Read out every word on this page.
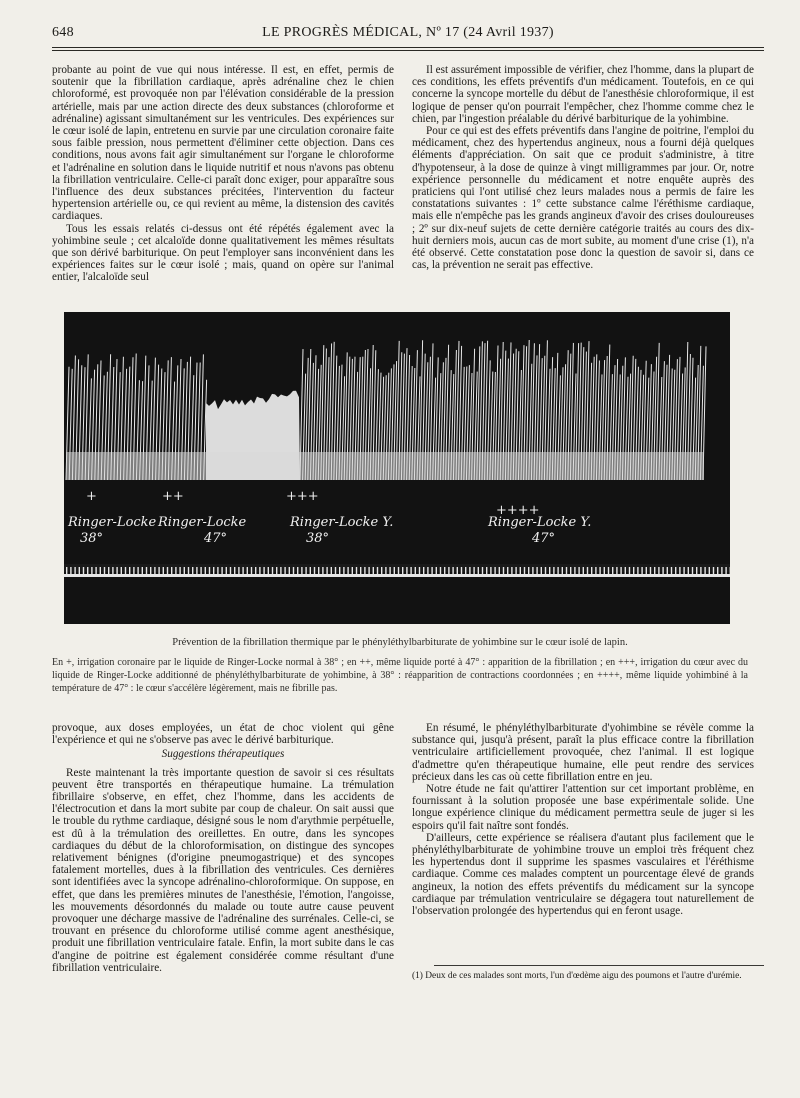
648	LE PROGRÈS MÉDICAL, Nº 17 (24 Avril 1937)

probante au point de vue qui nous intéresse. Il est, en effet, permis de soutenir que la fibrillation cardiaque, après adrénaline chez le chien chloroformé, est provoquée non par l'élévation considérable de la pression artérielle, mais par une action directe des deux substances (chloroforme et adrénaline) agissant simultanément sur les ventricules. Des expériences sur le cœur isolé de lapin, entretenu en survie par une circulation coronaire faite sous faible pression, nous permettent d'éliminer cette objection. Dans ces conditions, nous avons fait agir simultanément sur l'organe le chloroforme et l'adrénaline en solution dans le liquide nutritif et nous n'avons pas obtenu la fibrillation ventriculaire. Celle-ci paraît donc exiger, pour apparaître sous l'influence des deux substances précitées, l'intervention du facteur hypertension artérielle ou, ce qui revient au même, la distension des cavités cardiaques.

Tous les essais relatés ci-dessus ont été répétés également avec la yohimbine seule ; cet alcaloïde donne qualitativement les mêmes résultats que son dérivé barbiturique. On peut l'employer sans inconvénient dans les expériences faites sur le cœur isolé ; mais, quand on opère sur l'animal entier, l'alcaloïde seul

Il est assurément impossible de vérifier, chez l'homme, dans la plupart de ces conditions, les effets préventifs d'un médicament. Toutefois, en ce qui concerne la syncope mortelle du début de l'anesthésie chloroformique, il est logique de penser qu'on pourrait l'empêcher, chez l'homme comme chez le chien, par l'ingestion préalable du dérivé barbiturique de la yohimbine.

Pour ce qui est des effets préventifs dans l'angine de poitrine, l'emploi du médicament, chez des hypertendus angineux, nous a fourni déjà quelques éléments d'appréciation. On sait que ce produit s'administre, à titre d'hypotenseur, à la dose de quinze à vingt milligrammes par jour. Or, notre expérience personnelle du médicament et notre enquête auprès des praticiens qui l'ont utilisé chez leurs malades nous a permis de faire les constatations suivantes : 1º cette substance calme l'éréthisme cardiaque, mais elle n'empêche pas les grands angineux d'avoir des crises douloureuses ; 2º sur dix-neuf sujets de cette dernière catégorie traités au cours des dix-huit derniers mois, aucun cas de mort subite, au moment d'une crise (1), n'a été observé. Cette constatation pose donc la question de savoir si, dans ce cas, la prévention ne serait pas effective.

+	++	+++
++++
Ringer-Locke
38°
Ringer-Locke
47°
Ringer-Locke Y.
38°
Ringer-Locke Y.
47°
Prévention de la fibrillation thermique par le phényléthylbarbiturate de yohimbine sur le cœur isolé de lapin.
En +, irrigation coronaire par le liquide de Ringer-Locke normal à 38° ; en ++, même liquide porté à 47° : apparition de la fibrillation ; en +++, irrigation du cœur avec du liquide de Ringer-Locke additionné de phényléthylbarbiturate de yohimbine, à 38° : réapparition de contractions coordonnées ; en ++++, même liquide yohimbiné à la température de 47° : le cœur s'accélère légèrement, mais ne fibrille pas.

provoque, aux doses employées, un état de choc violent qui gêne l'expérience et qui ne s'observe pas avec le dérivé barbiturique.

Suggestions thérapeutiques

Reste maintenant la très importante question de savoir si ces résultats peuvent être transportés en thérapeutique humaine. La trémulation fibrillaire s'observe, en effet, chez l'homme, dans les accidents de l'électrocution et dans la mort subite par coup de chaleur. On sait aussi que le trouble du rythme cardiaque, désigné sous le nom d'arythmie perpétuelle, est dû à la trémulation des oreillettes. En outre, dans les syncopes cardiaques du début de la chloroformisation, on distingue des syncopes relativement bénignes (d'origine pneumogastrique) et des syncopes fatalement mortelles, dues à la fibrillation des ventricules. Ces dernières sont identifiées avec la syncope adrénalino-chloroformique. On suppose, en effet, que dans les premières minutes de l'anesthésie, l'émotion, l'angoisse, les mouvements désordonnés du malade ou toute autre cause peuvent provoquer une décharge massive de l'adrénaline des surrénales. Celle-ci, se trouvant en présence du chloroforme utilisé comme agent anesthésique, produit une fibrillation ventriculaire fatale. Enfin, la mort subite dans le cas d'angine de poitrine est également considérée comme résultant d'une fibrillation ventriculaire.

En résumé, le phényléthylbarbiturate d'yohimbine se révèle comme la substance qui, jusqu'à présent, paraît la plus efficace contre la fibrillation ventriculaire artificiellement provoquée, chez l'animal. Il est logique d'admettre qu'en thérapeutique humaine, elle peut rendre des services précieux dans les cas où cette fibrillation entre en jeu.

Notre étude ne fait qu'attirer l'attention sur cet important problème, en fournissant à la solution proposée une base expérimentale solide. Une longue expérience clinique du médicament permettra seule de juger si les espoirs qu'il fait naître sont fondés.

D'ailleurs, cette expérience se réalisera d'autant plus facilement que le phényléthylbarbiturate de yohimbine trouve un emploi très fréquent chez les hypertendus dont il supprime les spasmes vasculaires et l'éréthisme cardiaque. Comme ces malades comptent un pourcentage élevé de grands angineux, la notion des effets préventifs du médicament sur la syncope cardiaque par trémulation ventriculaire se dégagera tout naturellement de l'observation prolongée des hypertendus qui en feront usage.

(1) Deux de ces malades sont morts, l'un d'œdème aigu des poumons et l'autre d'urémie.
